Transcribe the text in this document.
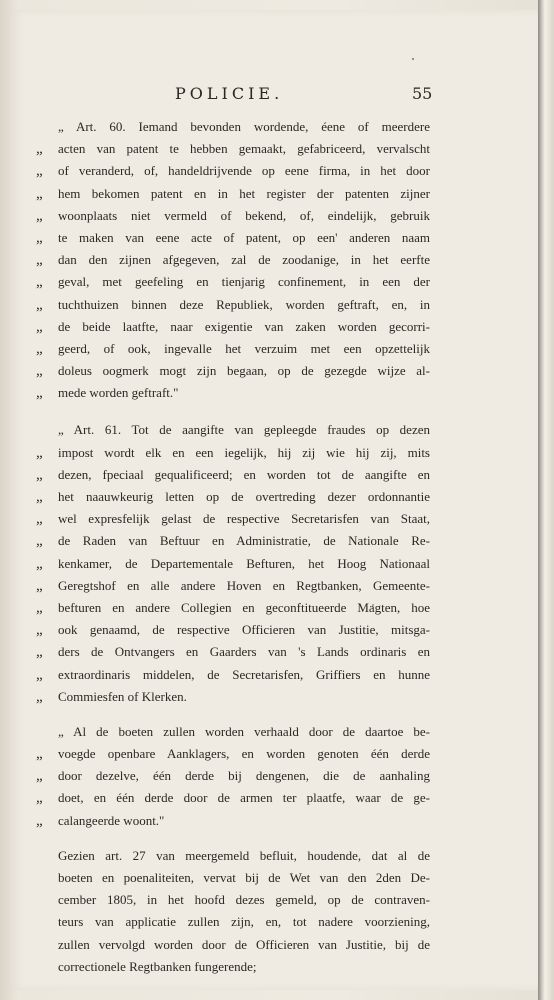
POLICIE.	55
„ Art. 60. Iemand bevonden wordende, éene of meerdere
„	acten van patent te hebben gemaakt, gefabriceerd, vervalscht
„	of veranderd, of, handeldrijvende op eene firma, in het door
„	hem bekomen patent en in het register der patenten zijner
„	woonplaats niet vermeld of bekend, of, eindelijk, gebruik
„	te maken van eene acte of patent, op een' anderen naam
„	dan den zijnen afgegeven, zal de zoodanige, in het eerfte
„	geval, met geefeling en tienjarig confinement, in een der
„	tuchthuizen binnen deze Republiek, worden geftraft, en, in
„	de beide laatfte, naar exigentie van zaken worden gecorri-
„	geerd, of ook, ingevalle het verzuim met een opzettelijk
„	doleus oogmerk mogt zijn begaan, op de gezegde wijze al-
„	mede worden geftraft."
„ Art. 61. Tot de aangifte van gepleegde fraudes op dezen
„	impost wordt elk en een iegelijk, hij zij wie hij zij, mits
„	dezen, fpeciaal gequalificeerd; en worden tot de aangifte en
„	het naauwkeurig letten op de overtreding dezer ordonnantie
„	wel expresfelijk gelast de respective Secretarisfen van Staat,
„	de Raden van Beftuur en Administratie, de Nationale Re-
„	kenkamer, de Departementale Befturen, het Hoog Nationaal
„	Geregtshof en alle andere Hoven en Regtbanken, Gemeente-
„	befturen en andere Collegien en geconftitueerde Magten, hoe
„	ook genaamd, de respective Officieren van Justitie, mitsga-
„	ders de Ontvangers en Gaarders van 's Lands ordinaris en
„	extraordinaris middelen, de Secretarisfen, Griffiers en hunne
„	Commiesfen of Klerken.
„ Al de boeten zullen worden verhaald door de daartoe be-
„	voegde openbare Aanklagers, en worden genoten één derde
„	door dezelve, één derde bij dengenen, die de aanhaling
„	doet, en één derde door de armen ter plaatfe, waar de ge-
„	calangeerde woont."
Gezien art. 27 van meergemeld befluit, houdende, dat al de
boeten en poenaliteiten, vervat bij de Wet van den 2den De-
cember 1805, in het hoofd dezes gemeld, op de contraven-
teurs van applicatie zullen zijn, en, tot nadere voorziening,
zullen vervolgd worden door de Officieren van Justitie, bij de
correctionele Regtbanken fungerende;
